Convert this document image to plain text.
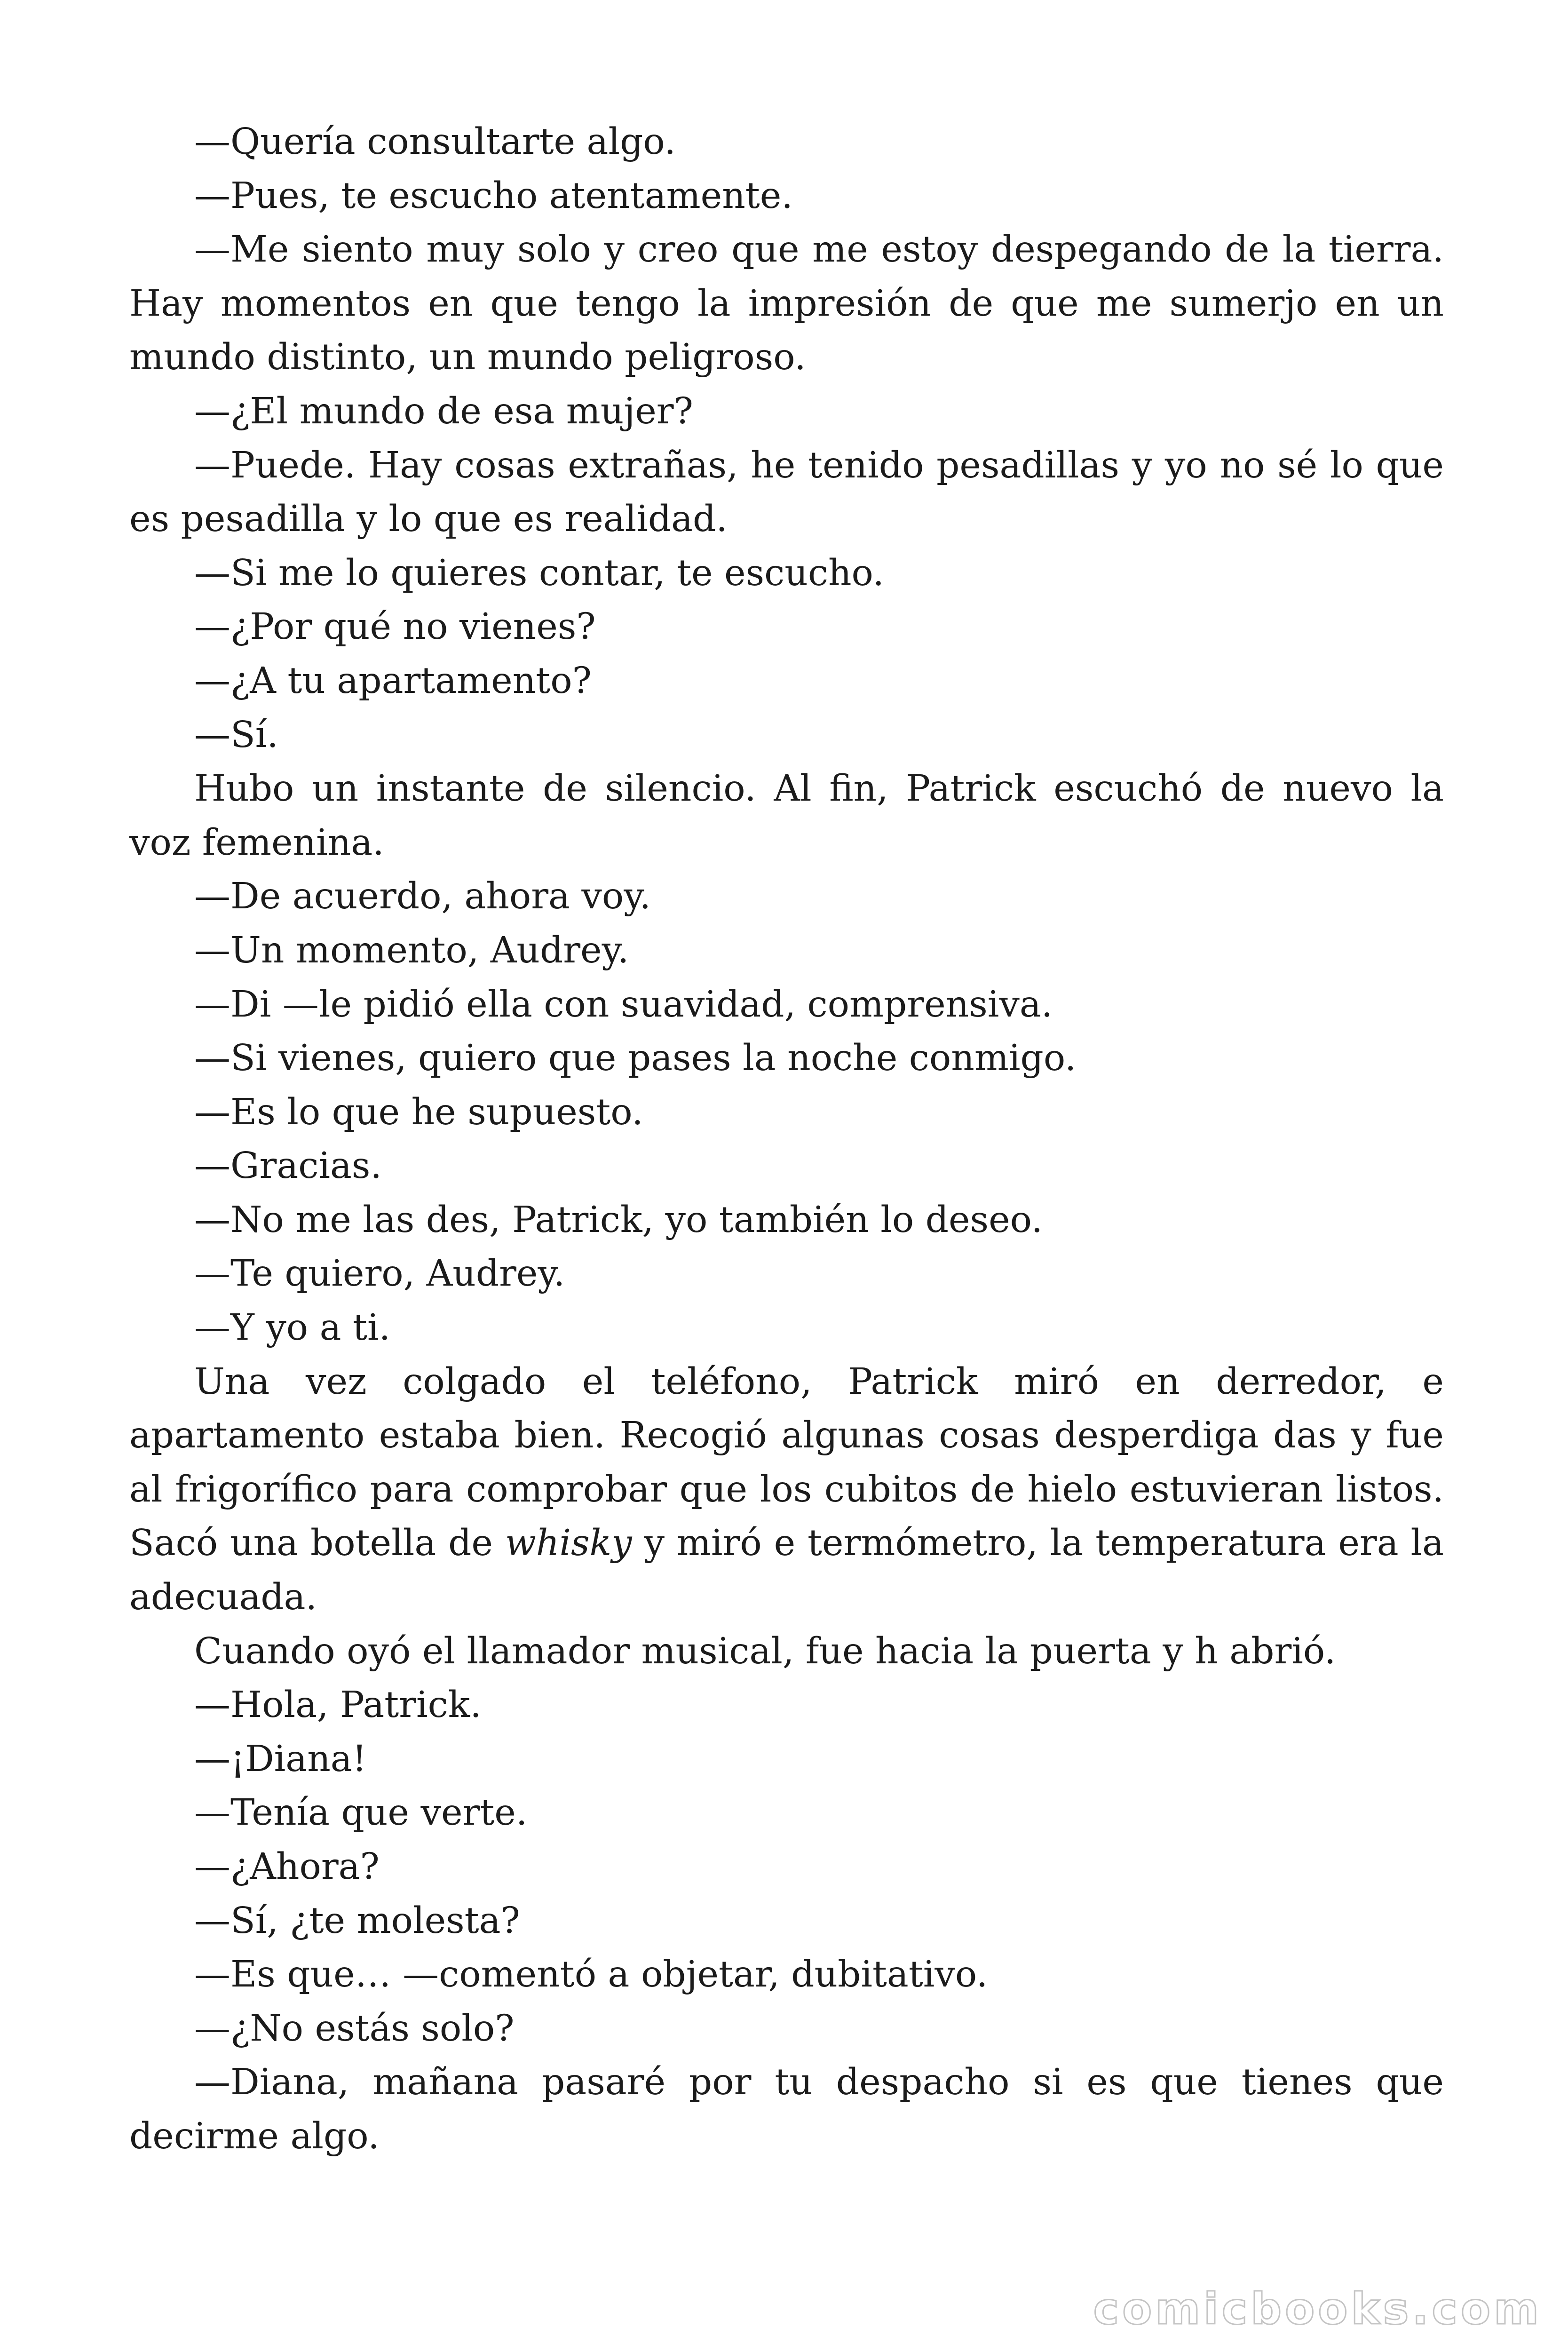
—Quería consultarte algo.

—Pues, te escucho atentamente.

—Me siento muy solo y creo que me estoy despegando de la tierra. Hay momentos en que tengo la impresión de que me sumerjo en un mundo distinto, un mundo peligroso.

—¿El mundo de esa mujer?

—Puede. Hay cosas extrañas, he tenido pesadillas y yo no sé lo que es pesadilla y lo que es realidad.

—Si me lo quieres contar, te escucho.

—¿Por qué no vienes?

—¿A tu apartamento?

—Sí.

Hubo un instante de silencio. Al fin, Patrick escuchó de nuevo la voz femenina.

—De acuerdo, ahora voy.

—Un momento, Audrey.

—Di —le pidió ella con suavidad, comprensiva.

—Si vienes, quiero que pases la noche conmigo.

—Es lo que he supuesto.

—Gracias.

—No me las des, Patrick, yo también lo deseo.

—Te quiero, Audrey.

—Y yo a ti.

Una vez colgado el teléfono, Patrick miró en derredor, e apartamento estaba bien. Recogió algunas cosas desperdiga das y fue al frigorífico para comprobar que los cubitos de hielo estuvieran listos. Sacó una botella de whisky y miró e termómetro, la temperatura era la adecuada.

Cuando oyó el llamador musical, fue hacia la puerta y h abrió.

—Hola, Patrick.

—¡Diana!

—Tenía que verte.

—¿Ahora?

—Sí, ¿te molesta?

—Es que… —comentó a objetar, dubitativo.

—¿No estás solo?

—Diana, mañana pasaré por tu despacho si es que tienes que decirme algo.

comicbooks.com
